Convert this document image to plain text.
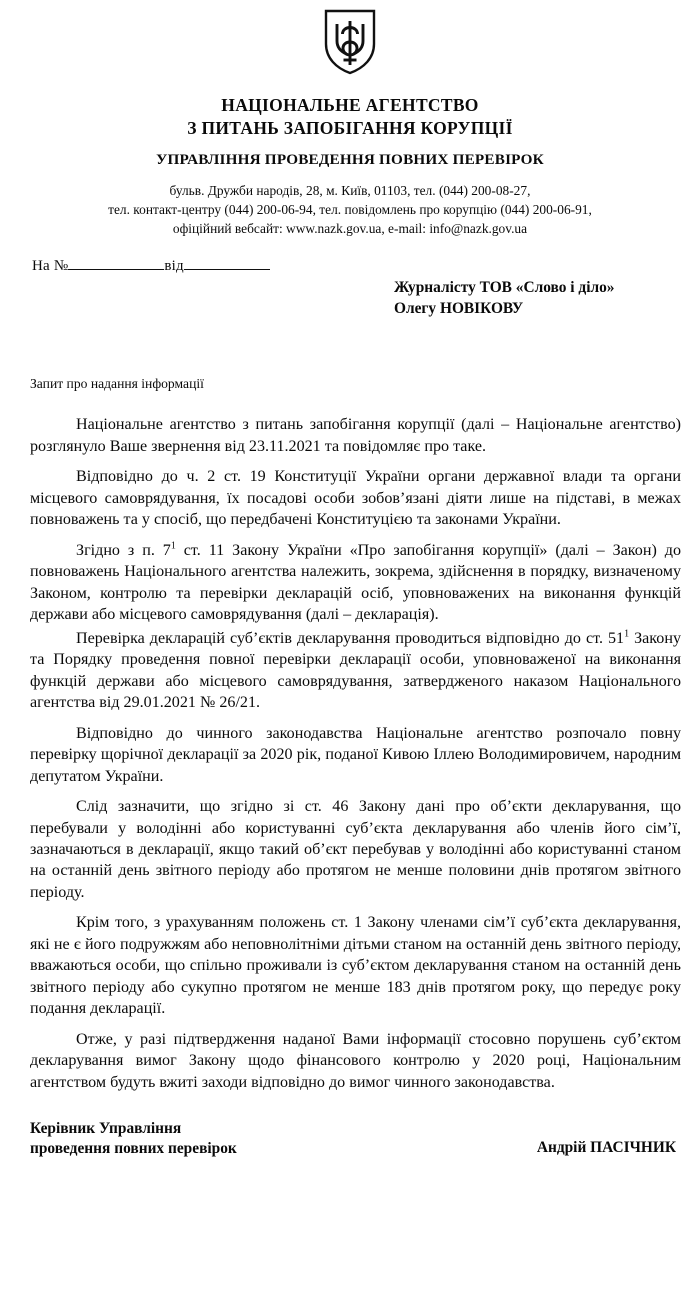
НАЦІОНАЛЬНЕ АГЕНТСТВО
З ПИТАНЬ ЗАПОБІГАННЯ КОРУПЦІЇ
УПРАВЛІННЯ ПРОВЕДЕННЯ ПОВНИХ ПЕРЕВІРОК
бульв. Дружби народів, 28, м. Київ, 01103, тел. (044) 200-08-27,
тел. контакт-центру (044) 200-06-94, тел. повідомлень про корупцію (044) 200-06-91,
офіційний вебсайт: www.nazk.gov.ua, e-mail: info@nazk.gov.ua
На №	від
Журналісту ТОВ «Слово і діло»
Олегу НОВІКОВУ
Запит про надання інформації

Національне агентство з питань запобігання корупції (далі – Національне агентство) розглянуло Ваше звернення від 23.11.2021 та повідомляє про таке.

Відповідно до ч. 2 ст. 19 Конституції України органи державної влади та органи місцевого самоврядування, їх посадові особи зобов’язані діяти лише на підставі, в межах повноважень та у спосіб, що передбачені Конституцією та законами України.

Згідно з п. $7^1$ ст. 11 Закону України «Про запобігання корупції» (далі – Закон) до повноважень Національного агентства належить, зокрема, здійснення в порядку, визначеному Законом, контролю та перевірки декларацій осіб, уповноважених на виконання функцій держави або місцевого самоврядування (далі – декларація).

Перевірка декларацій суб’єктів декларування проводиться відповідно до ст. $51^1$ Закону та Порядку проведення повної перевірки декларації особи, уповноваженої на виконання функцій держави або місцевого самоврядування, затвердженого наказом Національного агентства від 29.01.2021 № 26/21.

Відповідно до чинного законодавства Національне агентство розпочало повну перевірку щорічної декларації за 2020 рік, поданої Кивою Іллею Володимировичем, народним депутатом України.

Слід зазначити, що згідно зі ст. 46 Закону дані про об’єкти декларування, що перебували у володінні або користуванні суб’єкта декларування або членів його сім’ї, зазначаються в декларації, якщо такий об’єкт перебував у володінні або користуванні станом на останній день звітного періоду або протягом не менше половини днів протягом звітного періоду.

Крім того, з урахуванням положень ст. 1 Закону членами сім’ї суб’єкта декларування, які не є його подружжям або неповнолітніми дітьми станом на останній день звітного періоду, вважаються особи, що спільно проживали із суб’єктом декларування станом на останній день звітного періоду або сукупно протягом не менше 183 днів протягом року, що передує року подання декларації.

Отже, у разі підтвердження наданої Вами інформації стосовно порушень суб’єктом декларування вимог Закону щодо фінансового контролю у 2020 році, Національним агентством будуть вжиті заходи відповідно до вимог чинного законодавства.

Керівник Управління
проведення повних перевірок	Андрій ПАСІЧНИК
